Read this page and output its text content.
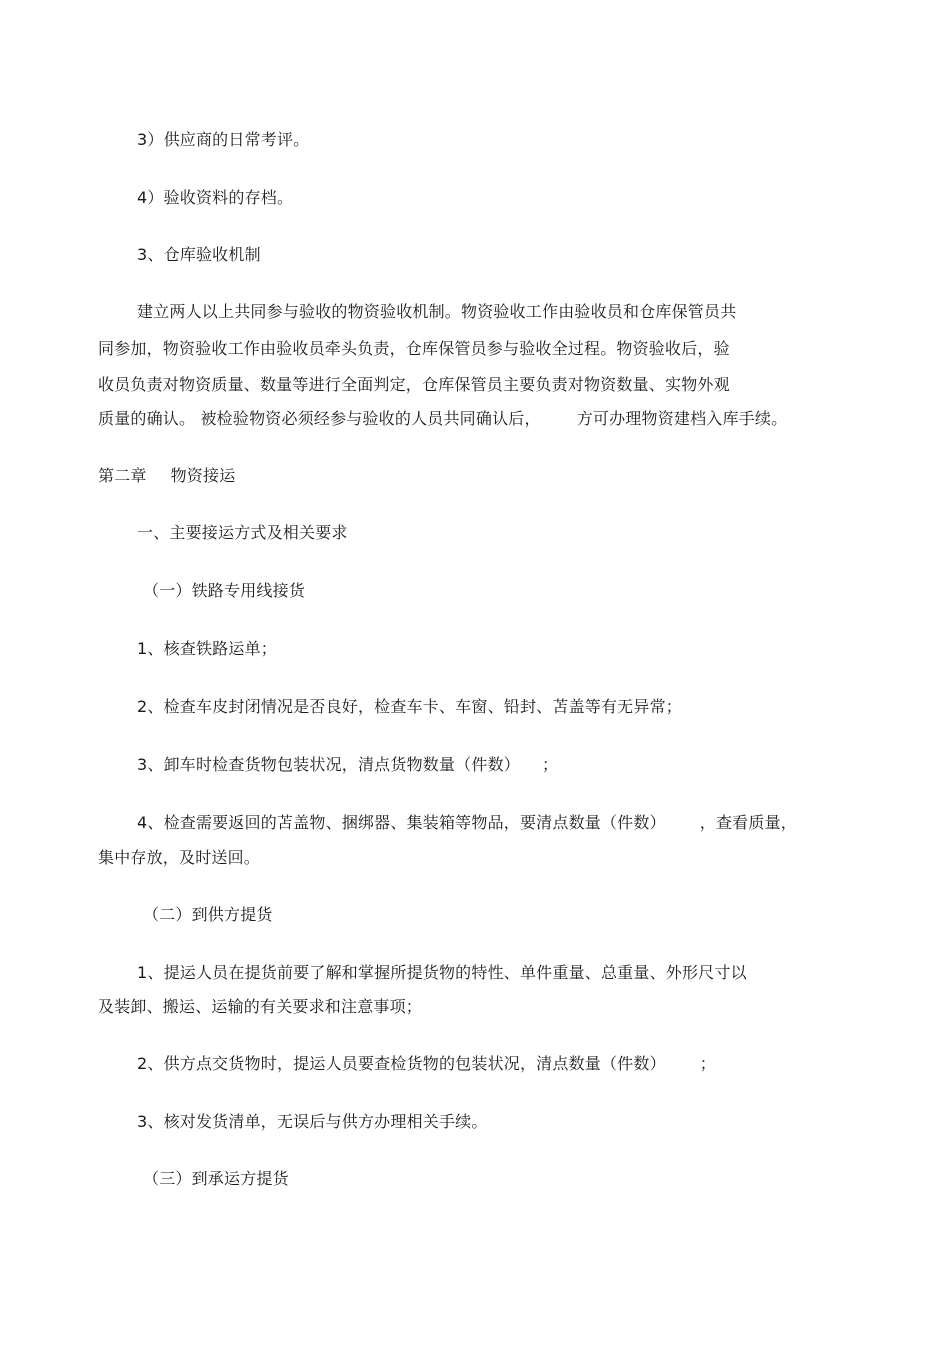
3）供应商的日常考评。
4）验收资料的存档。
3、仓库验收机制
建立两人以上共同参与验收的物资验收机制。物资验收工作由验收员和仓库保管员共
同参加，物资验收工作由验收员牵头负责，仓库保管员参与验收全过程。物资验收后，验
收员负责对物资质量、数量等进行全面判定，仓库保管员主要负责对物资数量、实物外观
质量的确认。 被检验物资必须经参与验收的人员共同确认后， 方可办理物资建档入库手续。
第二章 物资接运
一、主要接运方式及相关要求
（一）铁路专用线接货
1、核查铁路运单；
2、检查车皮封闭情况是否良好，检查车卡、车窗、铅封、苫盖等有无异常；
3、卸车时检查货物包装状况，清点货物数量（件数） ；
4、检查需要返回的苫盖物、捆绑器、集装箱等物品，要清点数量（件数） ，查看质量，
集中存放，及时送回。
（二）到供方提货
1、提运人员在提货前要了解和掌握所提货物的特性、单件重量、总重量、外形尺寸以
及装卸、搬运、运输的有关要求和注意事项；
2、供方点交货物时，提运人员要查检货物的包装状况，清点数量（件数） ；
3、核对发货清单，无误后与供方办理相关手续。
（三）到承运方提货
